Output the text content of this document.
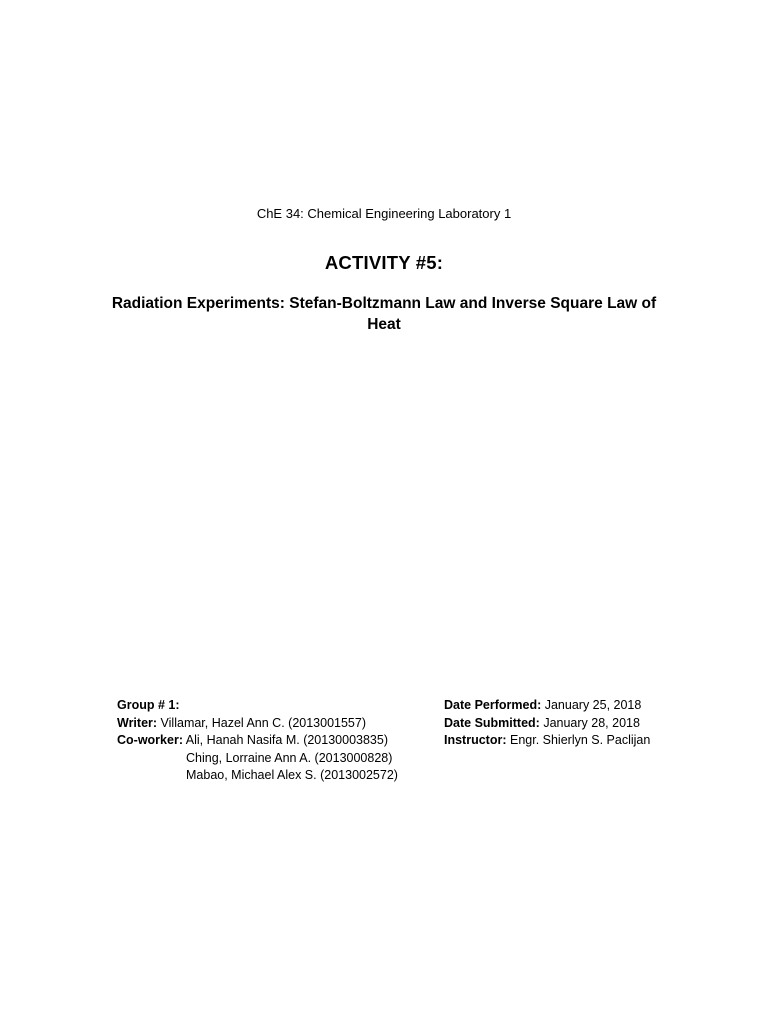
ChE 34: Chemical Engineering Laboratory 1
ACTIVITY #5:
Radiation Experiments: Stefan-Boltzmann Law and Inverse Square Law of Heat
Group # 1:
Writer: Villamar, Hazel Ann C. (2013001557)
Co-worker: Ali, Hanah Nasifa M. (20130003835)
Ching, Lorraine Ann A. (2013000828)
Mabao, Michael Alex S. (2013002572)
Date Performed: January 25, 2018
Date Submitted: January 28, 2018
Instructor: Engr. Shierlyn S. Paclijan
